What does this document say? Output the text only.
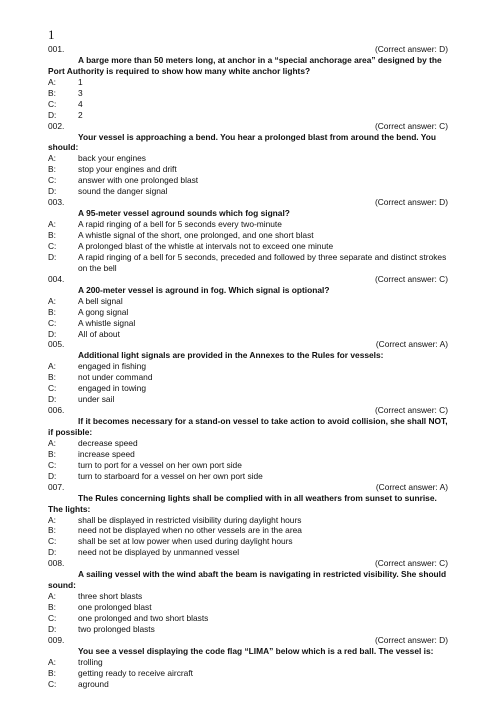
1
001.	(Correct answer: D)
A barge more than 50 meters long, at anchor in a “special anchorage area” designed by the Port Authority is required to show how many white anchor lights?
A:	1
B:	3
C:	4
D:	2
002.	(Correct answer: C)
Your vessel is approaching a bend. You hear a prolonged blast from around the bend. You should:
A:	back your engines
B:	stop your engines and drift
C:	answer with one prolonged blast
D:	sound the danger signal
003.	(Correct answer: D)
A 95-meter vessel aground sounds which fog signal?
A:	A rapid ringing of a bell for 5 seconds every two-minute
B:	A whistle signal of the short, one prolonged, and one short blast
C:	A prolonged blast of the whistle at intervals not to exceed one minute
D:	A rapid ringing of a bell for 5 seconds, preceded and followed by three separate and distinct strokes on the bell
004.	(Correct answer: C)
A 200-meter vessel is aground in fog. Which signal is optional?
A:	A bell signal
B:	A gong signal
C:	A whistle signal
D:	All of about
005.	(Correct answer: A)
Additional light signals are provided in the Annexes to the Rules for vessels:
A:	engaged in fishing
B:	not under command
C:	engaged in towing
D:	under sail
006.	(Correct answer: C)
If it becomes necessary for a stand-on vessel to take action to avoid collision, she shall NOT, if possible:
A:	decrease speed
B:	increase speed
C:	turn to port for a vessel on her own port side
D:	turn to starboard for a vessel on her own port side
007.	(Correct answer: A)
The Rules concerning lights shall be complied with in all weathers from sunset to sunrise. The lights:
A:	shall be displayed in restricted visibility during daylight hours
B:	need not be displayed when no other vessels are in the area
C:	shall be set at low power when used during daylight hours
D:	need not be displayed by unmanned vessel
008.	(Correct answer: C)
A sailing vessel with the wind abaft the beam is navigating in restricted visibility. She should sound:
A:	three short blasts
B:	one prolonged blast
C:	one prolonged and two short blasts
D:	two prolonged blasts
009.	(Correct answer: D)
You see a vessel displaying the code flag “LIMA” below which is a red ball. The vessel is:
A:	trolling
B:	getting ready to receive aircraft
C:	aground
